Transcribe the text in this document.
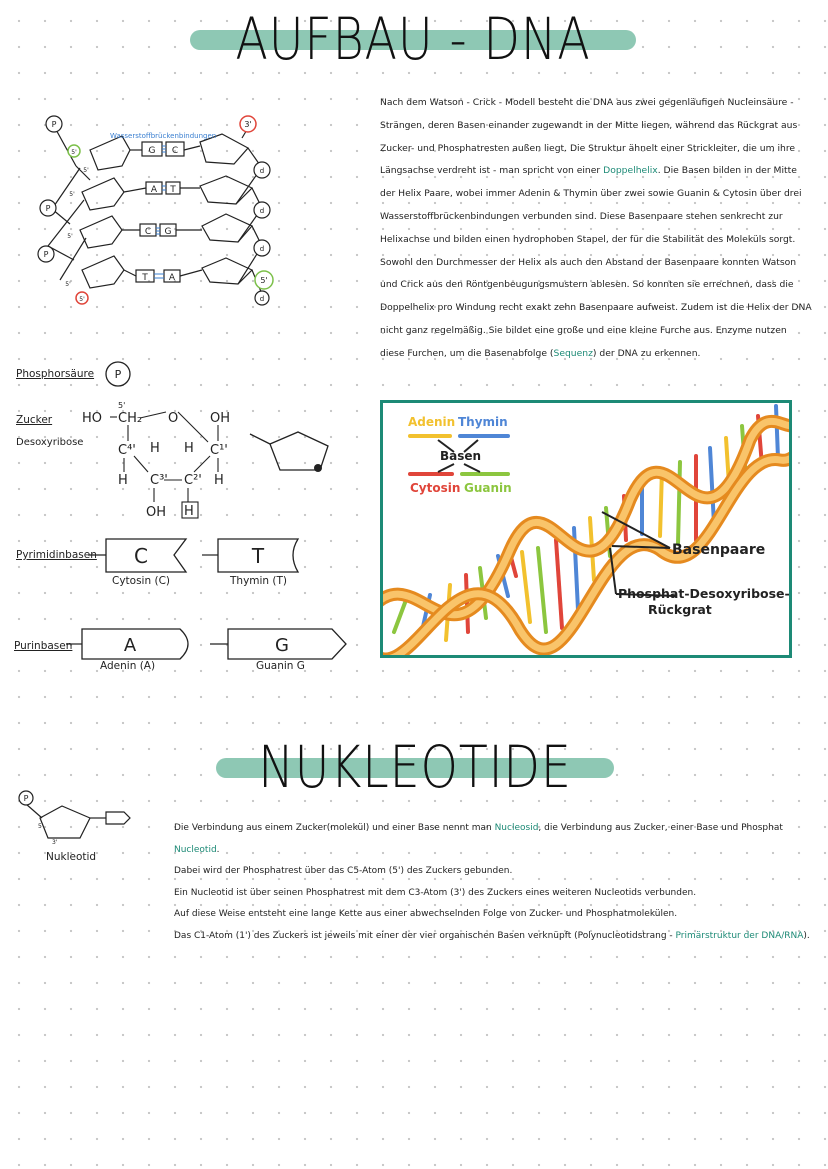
AUFBAU - DNA
Wasserstoffbrückenbindungen
G C
A T
C G
T A
P
P
P
3'
5'
5'
5'
d
d
d
d
5'
5'
5'
5'

Nach dem Watson - Crick - Modell besteht die DNA aus zwei gegenläufigen Nucleinsäure - Strängen, deren Basen einander zugewandt in der Mitte liegen, während das Rückgrat aus Zucker- und Phosphatresten außen liegt. Die Struktur ähnelt einer Strickleiter, die um ihre Längsachse verdreht ist - man spricht von einer Doppelhelix. Die Basen bilden in der Mitte der Helix Paare, wobei immer Adenin & Thymin über zwei sowie Guanin & Cytosin über drei Wasserstoffbrückenbindungen verbunden sind. Diese Basenpaare stehen senkrecht zur Helixachse und bilden einen hydrophoben Stapel, der für die Stabilität des Moleküls sorgt.

Sowohl den Durchmesser der Helix als auch den Abstand der Basenpaare konnten Watson und Crick aus den Röntgenbeugungsmustern ablesen. So konnten sie errechnen, dass die Doppelhelix pro Windung recht exakt zehn Basenpaare aufweist. Zudem ist die Helix der DNA nicht ganz regelmäßig. Sie bildet eine große und eine kleine Furche aus. Enzyme nutzen diese Furchen, um die Basenabfolge (Sequenz) der DNA zu erkennen.

Phosphorsäure P
Zucker
Desoxyribose
HO CH₂ O OH
C⁴'	C¹'
C³' C²'
H H
H	H
OH H
5'
Pyrimidinbasen C
Cytosin (C)
T
Thymin (T)
Purinbasen	A
Adenin (A)
G
Guanin G
Adenin Thymin
Basen
Cytosin Guanin
Basenpaare
Phosphat-Desoxyribose-
Rückgrat
NUKLEOTIDE
P
5'
3'
Nukleotid

Die Verbindung aus einem Zucker(molekül) und einer Base nennt man Nucleosid, die Verbindung aus Zucker, einer Base und Phosphat Nucleotid.

Dabei wird der Phosphatrest über das C5-Atom (5') des Zuckers gebunden.

Ein Nucleotid ist über seinen Phosphatrest mit dem C3-Atom (3') des Zuckers eines weiteren Nucleotids verbunden.

Auf diese Weise entsteht eine lange Kette aus einer abwechselnden Folge von Zucker- und Phosphatmolekülen.

Das C1-Atom (1') des Zuckers ist jeweils mit einer der vier organischen Basen verknüpft (Polynucleotidstrang - Primärstruktur der DNA/RNA).
